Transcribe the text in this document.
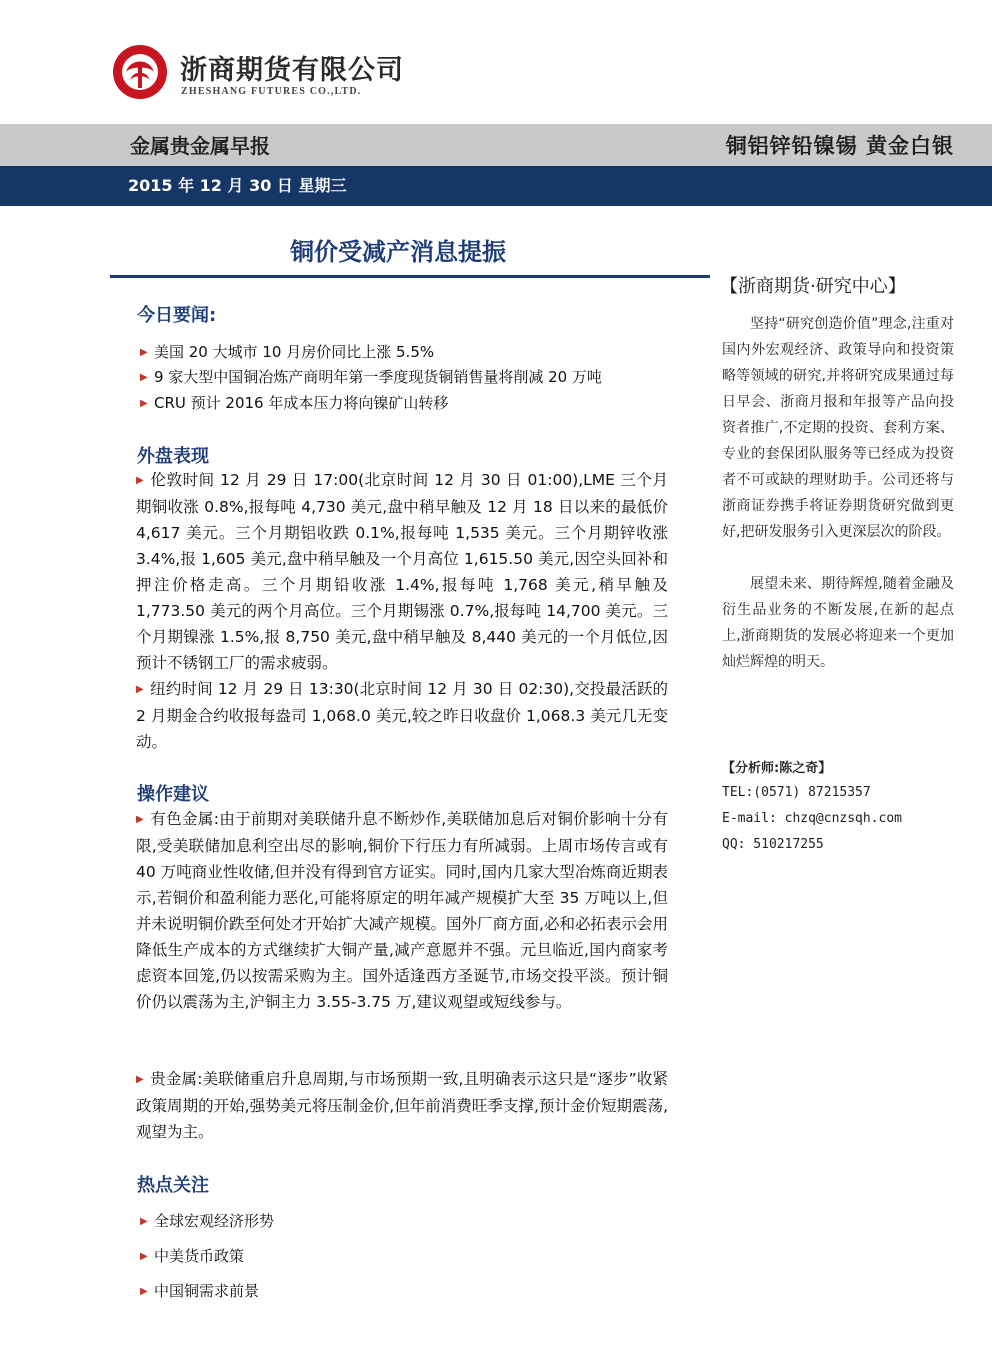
浙商期货有限公司
ZHESHANG FUTURES CO.,LTD.
金属贵金属早报	铜铝锌铅镍锡 黄金白银
2015 年 12 月 30 日 星期三
铜价受减产消息提振
今日要闻:
▶ 美国 20 大城市 10 月房价同比上涨 5.5%
▶ 9 家大型中国铜冶炼产商明年第一季度现货铜销售量将削减 20 万吨
▶ CRU 预计 2016 年成本压力将向镍矿山转移
外盘表现

▶ 伦敦时间 12 月 29 日 17:00(北京时间 12 月 30 日 01:00),LME 三个月期铜收涨 0.8%,报每吨 4,730 美元,盘中稍早触及 12 月 18 日以来的最低价 4,617 美元。三个月期铝收跌 0.1%,报每吨 1,535 美元。三个月期锌收涨 3.4%,报 1,605 美元,盘中稍早触及一个月高位 1,615.50 美元,因空头回补和押注价格走高。三个月期铅收涨 1.4%,报每吨 1,768 美元,稍早触及 1,773.50 美元的两个月高位。三个月期锡涨 0.7%,报每吨 14,700 美元。三个月期镍涨 1.5%,报 8,750 美元,盘中稍早触及 8,440 美元的一个月低位,因预计不锈钢工厂的需求疲弱。

▶ 纽约时间 12 月 29 日 13:30(北京时间 12 月 30 日 02:30),交投最活跃的 2 月期金合约收报每盎司 1,068.0 美元,较之昨日收盘价 1,068.3 美元几无变动。

操作建议

▶ 有色金属:由于前期对美联储升息不断炒作,美联储加息后对铜价影响十分有限,受美联储加息利空出尽的影响,铜价下行压力有所减弱。上周市场传言或有 40 万吨商业性收储,但并没有得到官方证实。同时,国内几家大型冶炼商近期表示,若铜价和盈利能力恶化,可能将原定的明年减产规模扩大至 35 万吨以上,但并未说明铜价跌至何处才开始扩大减产规模。国外厂商方面,必和必拓表示会用降低生产成本的方式继续扩大铜产量,减产意愿并不强。元旦临近,国内商家考虑资本回笼,仍以按需采购为主。国外适逢西方圣诞节,市场交投平淡。预计铜价仍以震荡为主,沪铜主力 3.55-3.75 万,建议观望或短线参与。

▶ 贵金属:美联储重启升息周期,与市场预期一致,且明确表示这只是“逐步”收紧政策周期的开始,强势美元将压制金价,但年前消费旺季支撑,预计金价短期震荡,观望为主。

热点关注
▶ 全球宏观经济形势
▶ 中美货币政策
▶ 中国铜需求前景
【浙商期货·研究中心】

坚持“研究创造价值”理念,注重对国内外宏观经济、政策导向和投资策略等领域的研究,并将研究成果通过每日早会、浙商月报和年报等产品向投资者推广,不定期的投资、套利方案、专业的套保团队服务等已经成为投资者不可或缺的理财助手。公司还将与浙商证券携手将证券期货研究做到更好,把研发服务引入更深层次的阶段。

展望未来、期待辉煌,随着金融及衍生品业务的不断发展,在新的起点上,浙商期货的发展必将迎来一个更加灿烂辉煌的明天。

【分析师:陈之奇】
TEL:(0571) 87215357
E-mail: chzq@cnzsqh.com
QQ: 510217255
